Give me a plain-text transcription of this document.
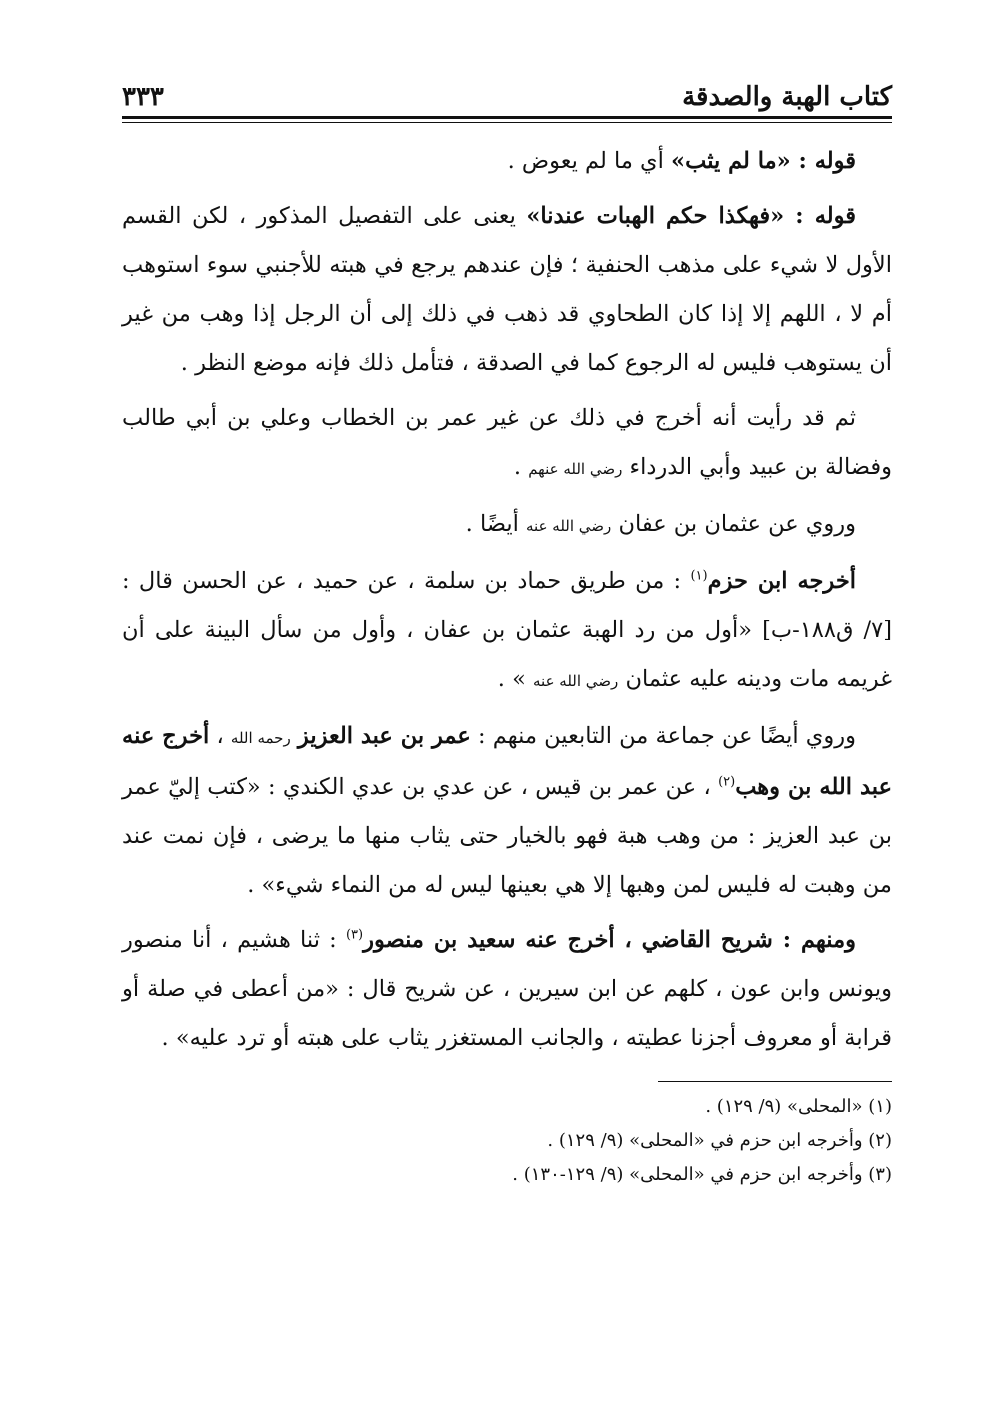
كتاب الهبة والصدقة
٣٣٣

قوله : «ما لم يثب» أي ما لم يعوض .

قوله : «فهكذا حكم الهبات عندنا» يعنى على التفصيل المذكور ، لكن القسم الأول لا شيء على مذهب الحنفية ؛ فإن عندهم يرجع في هبته للأجنبي سوء استوهب أم لا ، اللهم إلا إذا كان الطحاوي قد ذهب في ذلك إلى أن الرجل إذا وهب من غير أن يستوهب فليس له الرجوع كما في الصدقة ، فتأمل ذلك فإنه موضع النظر .

ثم قد رأيت أنه أخرج في ذلك عن غير عمر بن الخطاب وعلي بن أبي طالب وفضالة بن عبيد وأبي الدرداء رضي الله عنهم .

وروي عن عثمان بن عفان رضي الله عنه أيضًا .

أخرجه ابن حزم$^{(١)}$ : من طريق حماد بن سلمة ، عن حميد ، عن الحسن قال : [٧/ ق١٨٨-ب] «أول من رد الهبة عثمان بن عفان ، وأول من سأل البينة على أن غريمه مات ودينه عليه عثمان رضي الله عنه » .

وروي أيضًا عن جماعة من التابعين منهم : عمر بن عبد العزيز رحمه الله ، أخرج عنه عبد الله بن وهب$^{(٢)}$ ، عن عمر بن قيس ، عن عدي بن عدي الكندي : «كتب إليّ عمر بن عبد العزيز : من وهب هبة فهو بالخيار حتى يثاب منها ما يرضى ، فإن نمت عند من وهبت له فليس لمن وهبها إلا هي بعينها ليس له من النماء شيء» .

ومنهم : شريح القاضي ، أخرج عنه سعيد بن منصور$^{(٣)}$ : ثنا هشيم ، أنا منصور ويونس وابن عون ، كلهم عن ابن سيرين ، عن شريح قال : «من أعطى في صلة أو قرابة أو معروف أجزنا عطيته ، والجانب المستغزر يثاب على هبته أو ترد عليه» .

(١) «المحلى» (٩/ ١٢٩) .

(٢) وأخرجه ابن حزم في «المحلى» (٩/ ١٢٩) .

(٣) وأخرجه ابن حزم في «المحلى» (٩/ ١٢٩-١٣٠) .
